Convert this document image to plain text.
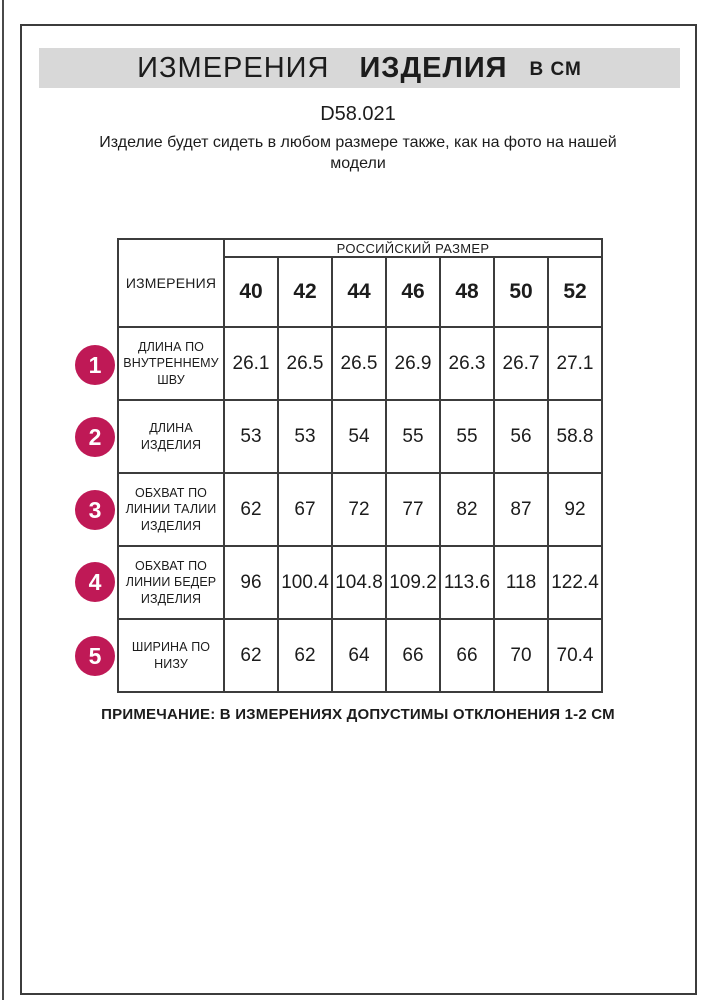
ИЗМЕРЕНИЯ ИЗДЕЛИЯ В СМ
D58.021
Изделие будет сидеть в любом размере также, как на фото на нашей модели
ИЗМЕРЕНИЯ	РОССИЙСКИЙ РАЗМЕР						
	40	42	44	46	48	50	52
ДЛИНА ПО ВНУТРЕННЕМУ ШВУ	26.1	26.5	26.5	26.9	26.3	26.7	27.1
ДЛИНА ИЗДЕЛИЯ	53	53	54	55	55	56	58.8
ОБХВАТ ПО ЛИНИИ ТАЛИИ ИЗДЕЛИЯ	62	67	72	77	82	87	92
ОБХВАТ ПО ЛИНИИ БЕДЕР ИЗДЕЛИЯ	96	100.4	104.8	109.2	113.6	118	122.4
ШИРИНА ПО НИЗУ	62	62	64	66	66	70	70.4
1
2
3
4
5
ПРИМЕЧАНИЕ: В ИЗМЕРЕНИЯХ ДОПУСТИМЫ ОТКЛОНЕНИЯ 1-2 СМ
